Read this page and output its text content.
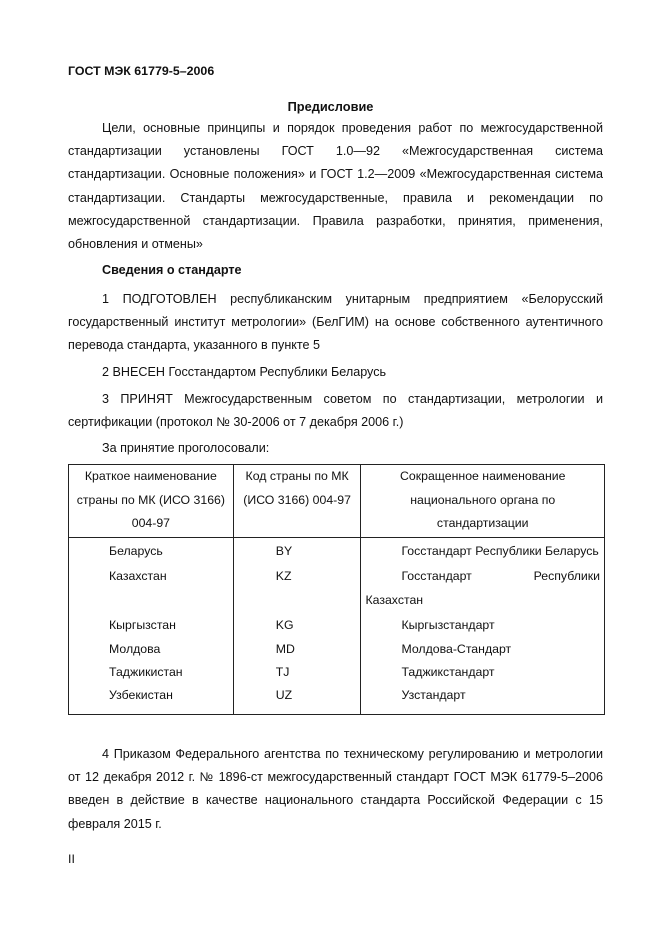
ГОСТ МЭК 61779-5–2006
Предисловие
Цели, основные принципы и порядок проведения работ по межгосударственной стандартизации установлены ГОСТ 1.0—92 «Межгосударственная система стандартизации. Основные положения» и ГОСТ 1.2—2009 «Межгосударственная система стандартизации. Стандарты межгосударственные, правила и рекомендации по межгосударственной стандартизации. Правила разработки, принятия, применения, обновления и отмены»
Сведения о стандарте
1 ПОДГОТОВЛЕН республиканским унитарным предприятием «Белорусский государственный институт метрологии» (БелГИМ) на основе собственного аутентичного перевода стандарта, указанного в пункте 5
2 ВНЕСЕН Госстандартом Республики Беларусь
3 ПРИНЯТ Межгосударственным советом по стандартизации, метрологии и сертификации (протокол № 30-2006 от 7 декабря 2006 г.)
За принятие проголосовали:
Краткое наименование страны по МК (ИСО 3166) 004-97	Код страны по МК (ИСО 3166) 004-97	Сокращенное наименование национального органа по стандартизации
Беларусь	BY	Госстандарт Республики Беларусь

Казахстан	KZ	Госстандарт Республики Казахстан

Кыргызстан	KG	Кыргызстандарт

Молдова	MD	Молдова-Стандарт

Таджикистан	TJ	Таджикстандарт

Узбекистан	UZ	Узстандарт
4 Приказом Федерального агентства по техническому регулированию и метрологии от 12 декабря 2012 г. № 1896-ст межгосударственный стандарт ГОСТ МЭК 61779-5–2006 введен в действие в качестве национального стандарта Российской Федерации с 15 февраля 2015 г.
II
